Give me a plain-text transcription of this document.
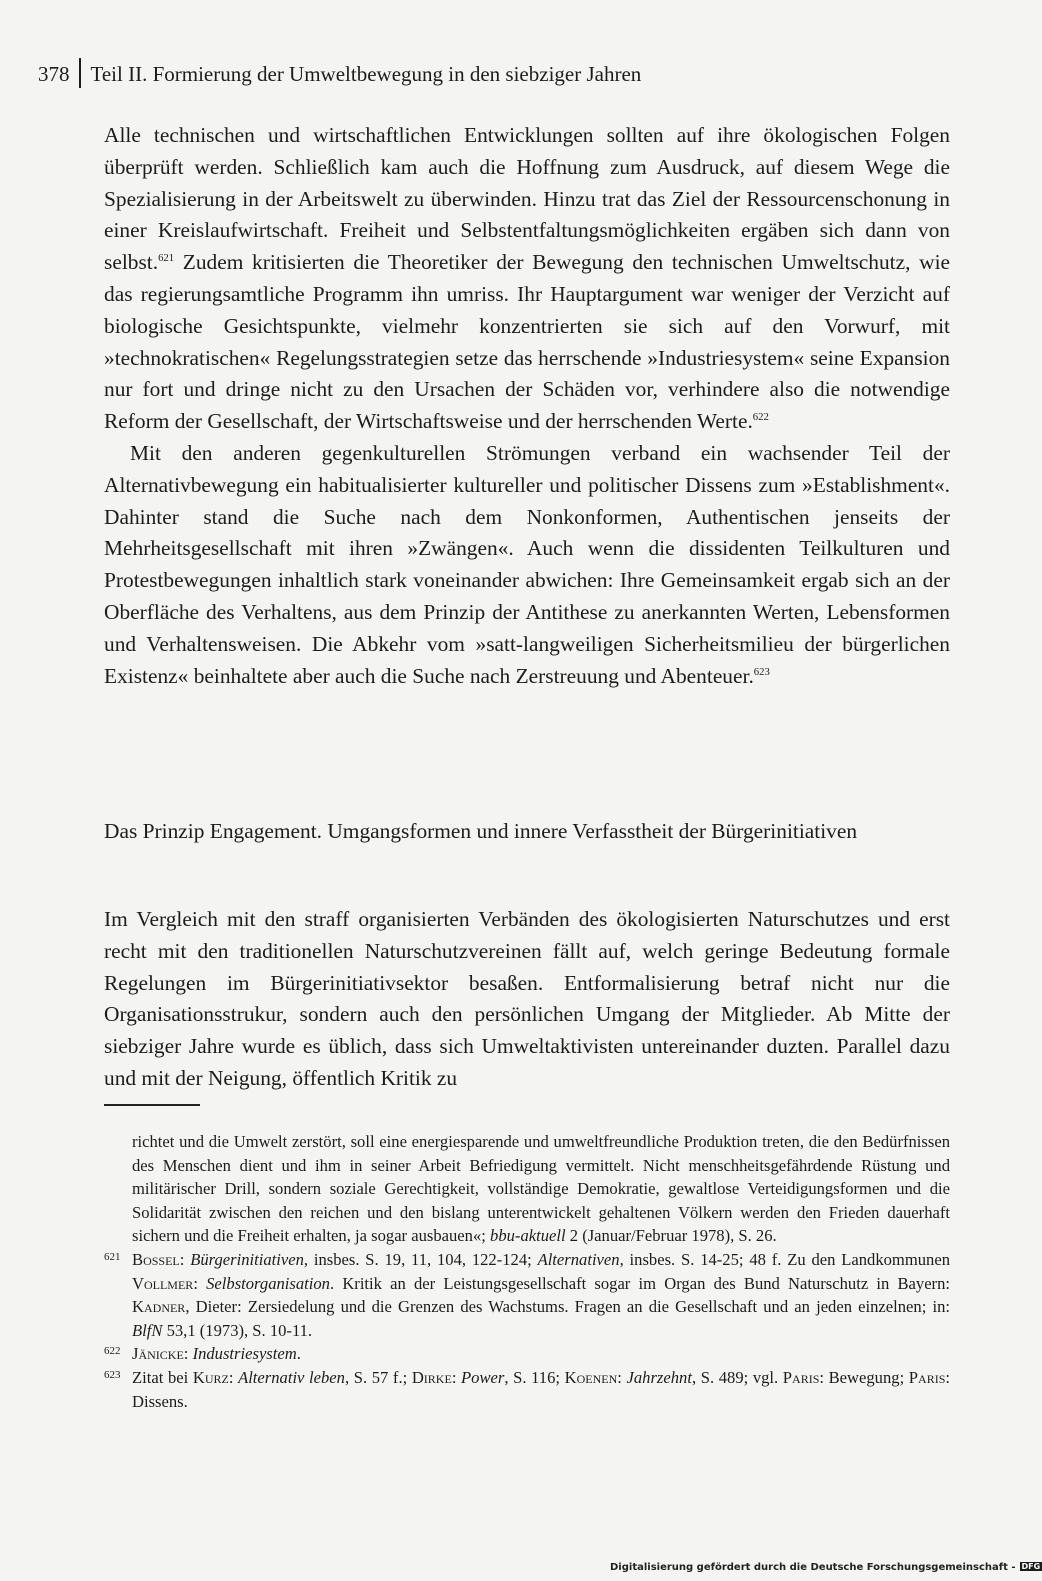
378 Teil II. Formierung der Umweltbewegung in den siebziger Jahren

Alle technischen und wirtschaftlichen Entwicklungen sollten auf ihre ökologischen Folgen überprüft werden. Schließlich kam auch die Hoffnung zum Ausdruck, auf diesem Wege die Spezialisierung in der Arbeitswelt zu überwinden. Hinzu trat das Ziel der Ressourcenschonung in einer Kreislaufwirtschaft. Freiheit und Selbstentfaltungsmöglichkeiten ergäben sich dann von selbst.$^{621}$ Zudem kritisierten die Theoretiker der Bewegung den technischen Umweltschutz, wie das regierungsamtliche Programm ihn umriss. Ihr Hauptargument war weniger der Verzicht auf biologische Gesichtspunkte, vielmehr konzentrierten sie sich auf den Vorwurf, mit »technokratischen« Regelungsstrategien setze das herrschende »Industriesystem« seine Expansion nur fort und dringe nicht zu den Ursachen der Schäden vor, verhindere also die notwendige Reform der Gesellschaft, der Wirtschaftsweise und der herrschenden Werte.$^{622}$

Mit den anderen gegenkulturellen Strömungen verband ein wachsender Teil der Alternativbewegung ein habitualisierter kultureller und politischer Dissens zum »Establishment«. Dahinter stand die Suche nach dem Nonkonformen, Authentischen jenseits der Mehrheitsgesellschaft mit ihren »Zwängen«. Auch wenn die dissidenten Teilkulturen und Protestbewegungen inhaltlich stark voneinander abwichen: Ihre Gemeinsamkeit ergab sich an der Oberfläche des Verhaltens, aus dem Prinzip der Antithese zu anerkannten Werten, Lebensformen und Verhaltensweisen. Die Abkehr vom »satt-langweiligen Sicherheitsmilieu der bürgerlichen Existenz« beinhaltete aber auch die Suche nach Zerstreuung und Abenteuer.$^{623}$

Das Prinzip Engagement. Umgangsformen und innere Verfasstheit der Bürgerinitiativen

Im Vergleich mit den straff organisierten Verbänden des ökologisierten Naturschutzes und erst recht mit den traditionellen Naturschutzvereinen fällt auf, welch geringe Bedeutung formale Regelungen im Bürgerinitiativsektor besaßen. Entformalisierung betraf nicht nur die Organisationsstrukur, sondern auch den persönlichen Umgang der Mitglieder. Ab Mitte der siebziger Jahre wurde es üblich, dass sich Umweltaktivisten untereinander duzten. Parallel dazu und mit der Neigung, öffentlich Kritik zu

richtet und die Umwelt zerstört, soll eine energiesparende und umweltfreundliche Produktion treten, die den Bedürfnissen des Menschen dient und ihm in seiner Arbeit Befriedigung vermittelt. Nicht menschheitsgefährdende Rüstung und militärischer Drill, sondern soziale Gerechtigkeit, vollständige Demokratie, gewaltlose Verteidigungsformen und die Solidarität zwischen den reichen und den bislang unterentwickelt gehaltenen Völkern werden den Frieden dauerhaft sichern und die Freiheit erhalten, ja sogar ausbauen«; bbu-aktuell 2 (Januar/Februar 1978), S. 26.

621 Bossel: Bürgerinitiativen, insbes. S. 19, 11, 104, 122-124; Alternativen, insbes. S. 14-25; 48 f. Zu den Landkommunen Vollmer: Selbstorganisation. Kritik an der Leistungsgesellschaft sogar im Organ des Bund Naturschutz in Bayern: Kadner, Dieter: Zersiedelung und die Grenzen des Wachstums. Fragen an die Gesellschaft und an jeden einzelnen; in: BlfN 53,1 (1973), S. 10-11.

622 Jänicke: Industriesystem.

623 Zitat bei Kurz: Alternativ leben, S. 57 f.; Dirke: Power, S. 116; Koenen: Jahrzehnt, S. 489; vgl. Paris: Bewegung; Paris: Dissens.

Digitalisierung gefördert durch die Deutsche Forschungsgemeinschaft - DFG
